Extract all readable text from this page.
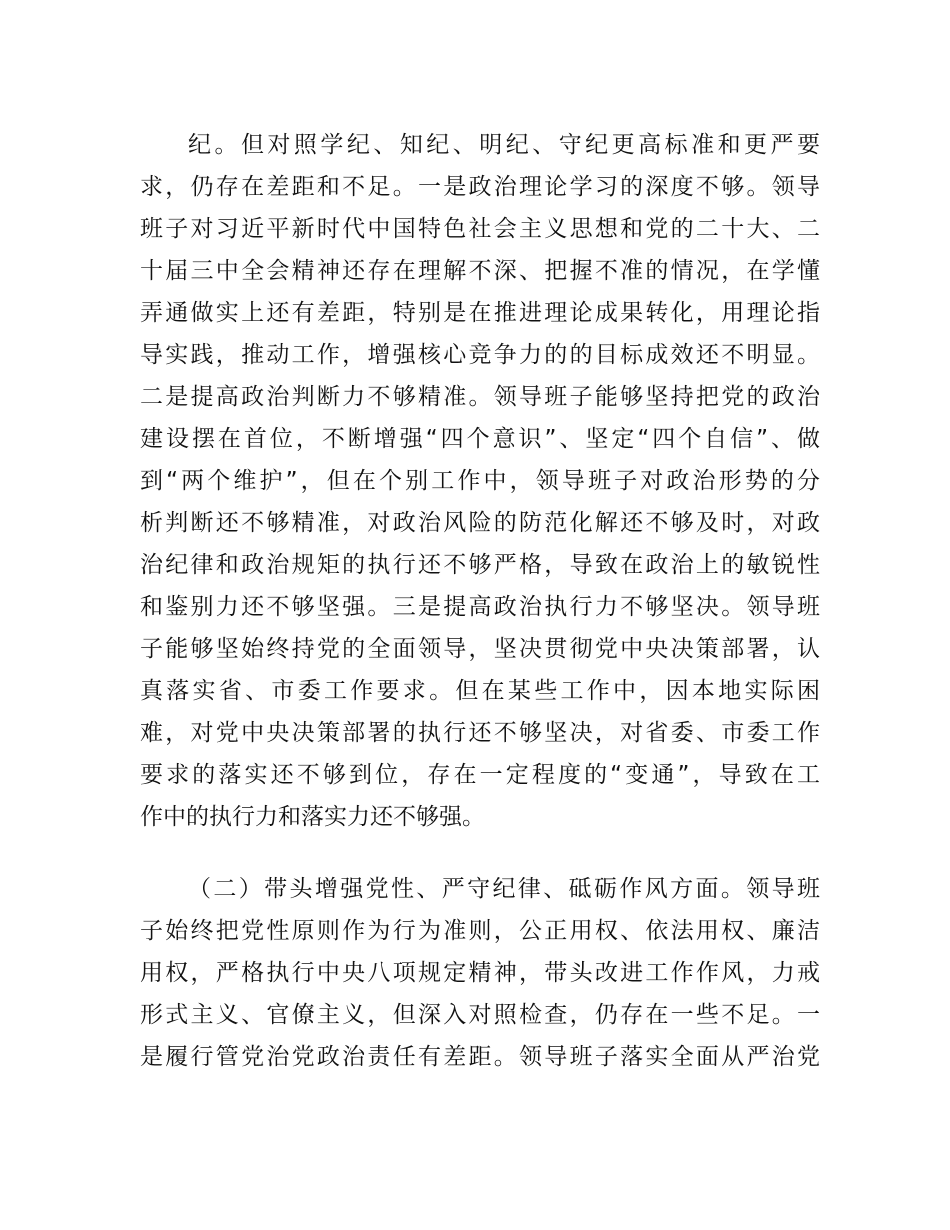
纪。但对照学纪、知纪、明纪、守纪更高标准和更严要
求，仍存在差距和不足。一是政治理论学习的深度不够。领导
班子对习近平新时代中国特色社会主义思想和党的二十大、二
十届三中全会精神还存在理解不深、把握不准的情况，在学懂
弄通做实上还有差距，特别是在推进理论成果转化，用理论指
导实践，推动工作，增强核心竞争力的的目标成效还不明显。
二是提高政治判断力不够精准。领导班子能够坚持把党的政治
建设摆在首位，不断增强“四个意识”、坚定“四个自信”、做
到“两个维护”，但在个别工作中，领导班子对政治形势的分
析判断还不够精准，对政治风险的防范化解还不够及时，对政
治纪律和政治规矩的执行还不够严格，导致在政治上的敏锐性
和鉴别力还不够坚强。三是提高政治执行力不够坚决。领导班
子能够坚始终持党的全面领导，坚决贯彻党中央决策部署，认
真落实省、市委工作要求。但在某些工作中，因本地实际困
难，对党中央决策部署的执行还不够坚决，对省委、市委工作
要求的落实还不够到位，存在一定程度的“变通”，导致在工
作中的执行力和落实力还不够强。
（二）带头增强党性、严守纪律、砥砺作风方面。领导班
子始终把党性原则作为行为准则，公正用权、依法用权、廉洁
用权，严格执行中央八项规定精神，带头改进工作作风，力戒
形式主义、官僚主义，但深入对照检查，仍存在一些不足。一
是履行管党治党政治责任有差距。领导班子落实全面从严治党
